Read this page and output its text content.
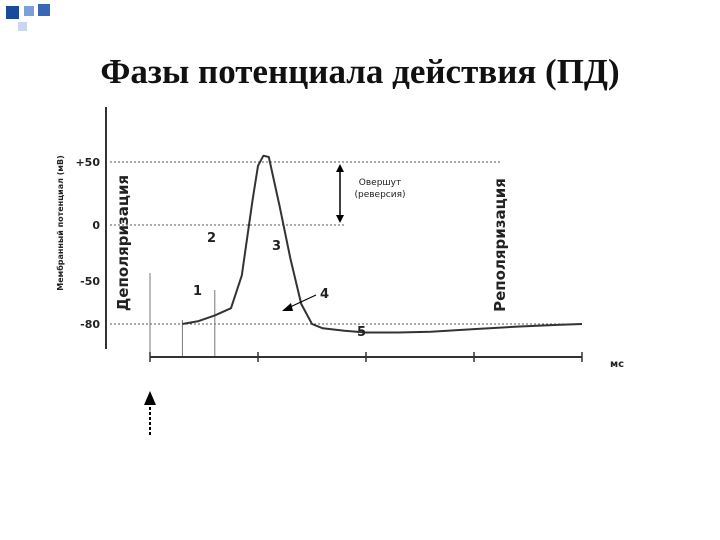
Фазы потенциала действия (ПД)
+50
0
-50
-80
Мембранный потенциал (мВ)
мс
Овершут
(реверсия)
Деполяризация	Реполяризация
1
2
3
4
5
